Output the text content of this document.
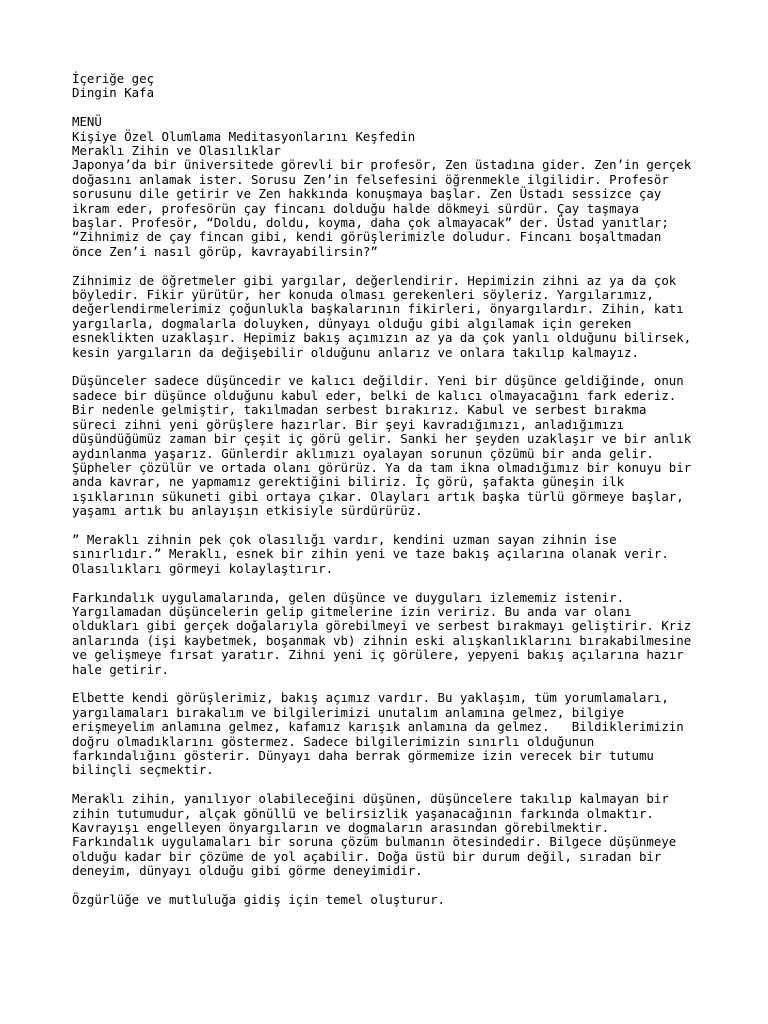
İçeriğe geç
Dingin Kafa
MENÜ
Kişiye Özel Olumlama Meditasyonlarını Keşfedin
Meraklı Zihin ve Olasılıklar
Japonya’da bir üniversitede görevli bir profesör, Zen üstadına gider. Zen’in gerçek
doğasını anlamak ister. Sorusu Zen’in felsefesini öğrenmekle ilgilidir. Profesör
sorusunu dile getirir ve Zen hakkında konuşmaya başlar. Zen Üstadı sessizce çay
ikram eder, profesörün çay fincanı dolduğu halde dökmeyi sürdür. Çay taşmaya
başlar. Profesör, “Doldu, doldu, koyma, daha çok almayacak” der. Üstad yanıtlar;
“Zihnimiz de çay fincan gibi, kendi görüşlerimizle doludur. Fincanı boşaltmadan
önce Zen’i nasıl görüp, kavrayabilirsin?”
Zihnimiz de öğretmeler gibi yargılar, değerlendirir. Hepimizin zihni az ya da çok
böyledir. Fikir yürütür, her konuda olması gerekenleri söyleriz. Yargılarımız,
değerlendirmelerimiz çoğunlukla başkalarının fikirleri, önyargılardır. Zihin, katı
yargılarla, dogmalarla doluyken, dünyayı olduğu gibi algılamak için gereken
esneklikten uzaklaşır. Hepimiz bakış açımızın az ya da çok yanlı olduğunu bilirsek,
kesin yargıların da değişebilir olduğunu anlarız ve onlara takılıp kalmayız.
Düşünceler sadece düşüncedir ve kalıcı değildir. Yeni bir düşünce geldiğinde, onun
sadece bir düşünce olduğunu kabul eder, belki de kalıcı olmayacağını fark ederiz.
Bir nedenle gelmiştir, takılmadan serbest bırakırız. Kabul ve serbest bırakma
süreci zihni yeni görüşlere hazırlar. Bir şeyi kavradığımızı, anladığımızı
düşündüğümüz zaman bir çeşit iç görü gelir. Sanki her şeyden uzaklaşır ve bir anlık
aydınlanma yaşarız. Günlerdir aklımızı oyalayan sorunun çözümü bir anda gelir.
Şüpheler çözülür ve ortada olanı görürüz. Ya da tam ikna olmadığımız bir konuyu bir
anda kavrar, ne yapmamız gerektiğini biliriz. İç görü, şafakta güneşin ilk
ışıklarının sükuneti gibi ortaya çıkar. Olayları artık başka türlü görmeye başlar,
yaşamı artık bu anlayışın etkisiyle sürdürürüz.
” Meraklı zihnin pek çok olasılığı vardır, kendini uzman sayan zihnin ise
sınırlıdır.” Meraklı, esnek bir zihin yeni ve taze bakış açılarına olanak verir.
Olasılıkları görmeyi kolaylaştırır.
Farkındalık uygulamalarında, gelen düşünce ve duyguları izlememiz istenir.
Yargılamadan düşüncelerin gelip gitmelerine izin veririz. Bu anda var olanı
oldukları gibi gerçek doğalarıyla görebilmeyi ve serbest bırakmayı geliştirir. Kriz
anlarında (işi kaybetmek, boşanmak vb) zihnin eski alışkanlıklarını bırakabilmesine
ve gelişmeye fırsat yaratır. Zihni yeni iç görülere, yepyeni bakış açılarına hazır
hale getirir.
Elbette kendi görüşlerimiz, bakış açımız vardır. Bu yaklaşım, tüm yorumlamaları,
yargılamaları bırakalım ve bilgilerimizi unutalım anlamına gelmez, bilgiye
erişmeyelim anlamına gelmez, kafamız karışık anlamına da gelmez.   Bildiklerimizin
doğru olmadıklarını göstermez. Sadece bilgilerimizin sınırlı olduğunun
farkındalığını gösterir. Dünyayı daha berrak görmemize izin verecek bir tutumu
bilinçli seçmektir.
Meraklı zihin, yanılıyor olabileceğini düşünen, düşüncelere takılıp kalmayan bir
zihin tutumudur, alçak gönüllü ve belirsizlik yaşanacağının farkında olmaktır.
Kavrayışı engelleyen önyargıların ve dogmaların arasından görebilmektir.
Farkındalık uygulamaları bir soruna çözüm bulmanın ötesindedir. Bilgece düşünmeye
olduğu kadar bir çözüme de yol açabilir. Doğa üstü bir durum değil, sıradan bir
deneyim, dünyayı olduğu gibi görme deneyimidir.
Özgürlüğe ve mutluluğa gidiş için temel oluşturur.
